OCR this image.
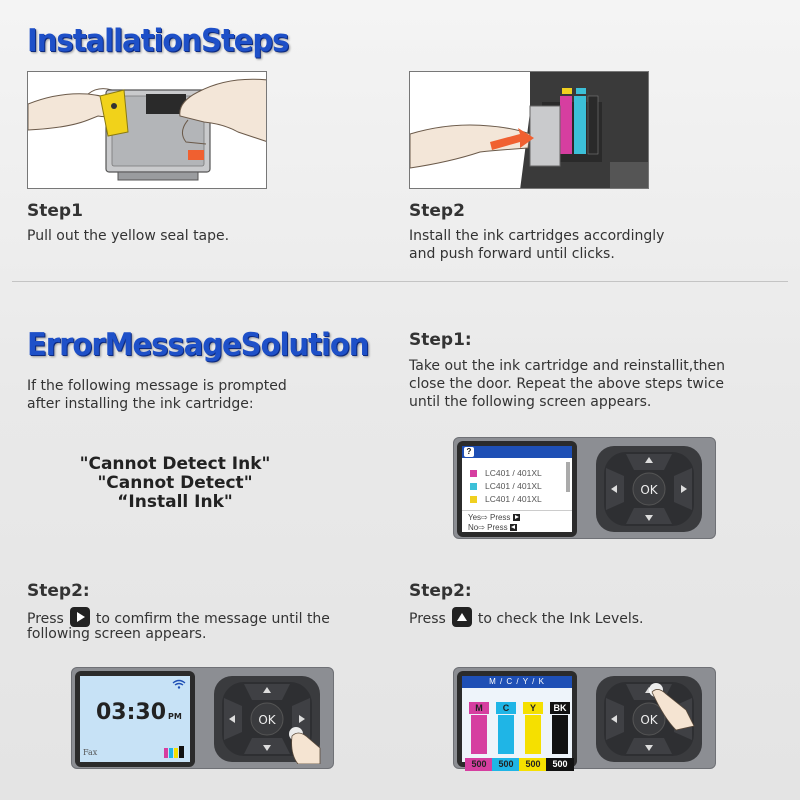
InstallationSteps
Step1
Pull out the yellow seal tape.
Step2
Install the ink cartridges accordingly
and push forward until clicks.
ErrorMessageSolution
If the following message is prompted
after installing the ink cartridge:
"Cannot Detect Ink"
"Cannot Detect"
“Install Ink"
Step1:
Take out the ink cartridge and reinstallit,then
close the door. Repeat the above steps twice
until the following screen appears.
?
LC401 / 401XL
LC401 / 401XL
LC401 / 401XL
Yes⇨ Press
No⇨ Press
OK
Step2:
Press to comfirm the message until the
following screen appears.
03:30 PM
Fax
OK
Step2:
Press to check the Ink Levels.
M / C / Y / K
M
500
C
500
Y
500
BK
500
OK
